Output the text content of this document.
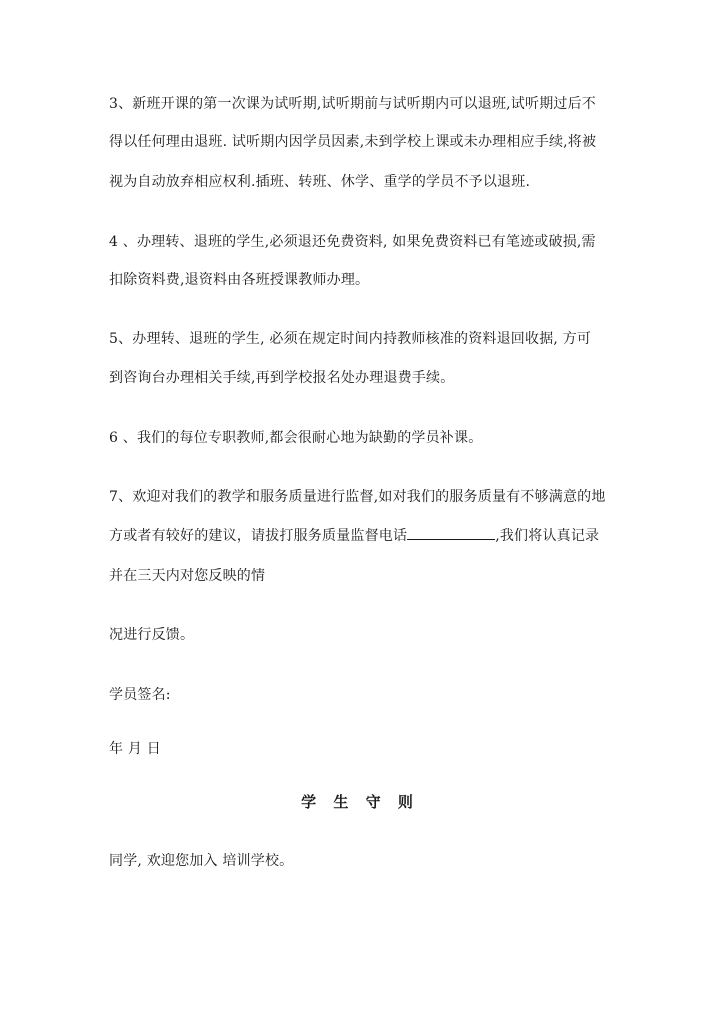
3、新班开课的第一次课为试听期,试听期前与试听期内可以退班,试听期过后不
得以任何理由退班. 试听期内因学员因素,未到学校上课或未办理相应手续,将被
视为自动放弃相应权利.插班、转班、休学、重学的学员不予以退班.
4 、办理转、退班的学生,必须退还免费资料, 如果免费资料已有笔迹或破损,需
扣除资料费,退资料由各班授课教师办理。
5、办理转、退班的学生, 必须在规定时间内持教师核准的资料退回收据, 方可
到咨询台办理相关手续,再到学校报名处办理退费手续。
6 、我们的每位专职教师,都会很耐心地为缺勤的学员补课。
7、欢迎对我们的教学和服务质量进行监督,如对我们的服务质量有不够满意的地
方或者有较好的建议，请拔打服务质量监督电话	,我们将认真记录
并在三天内对您反映的情
况进行反馈。
学员签名:
年 月 日
学 生 守 则
同学, 欢迎您加入 培训学校。
